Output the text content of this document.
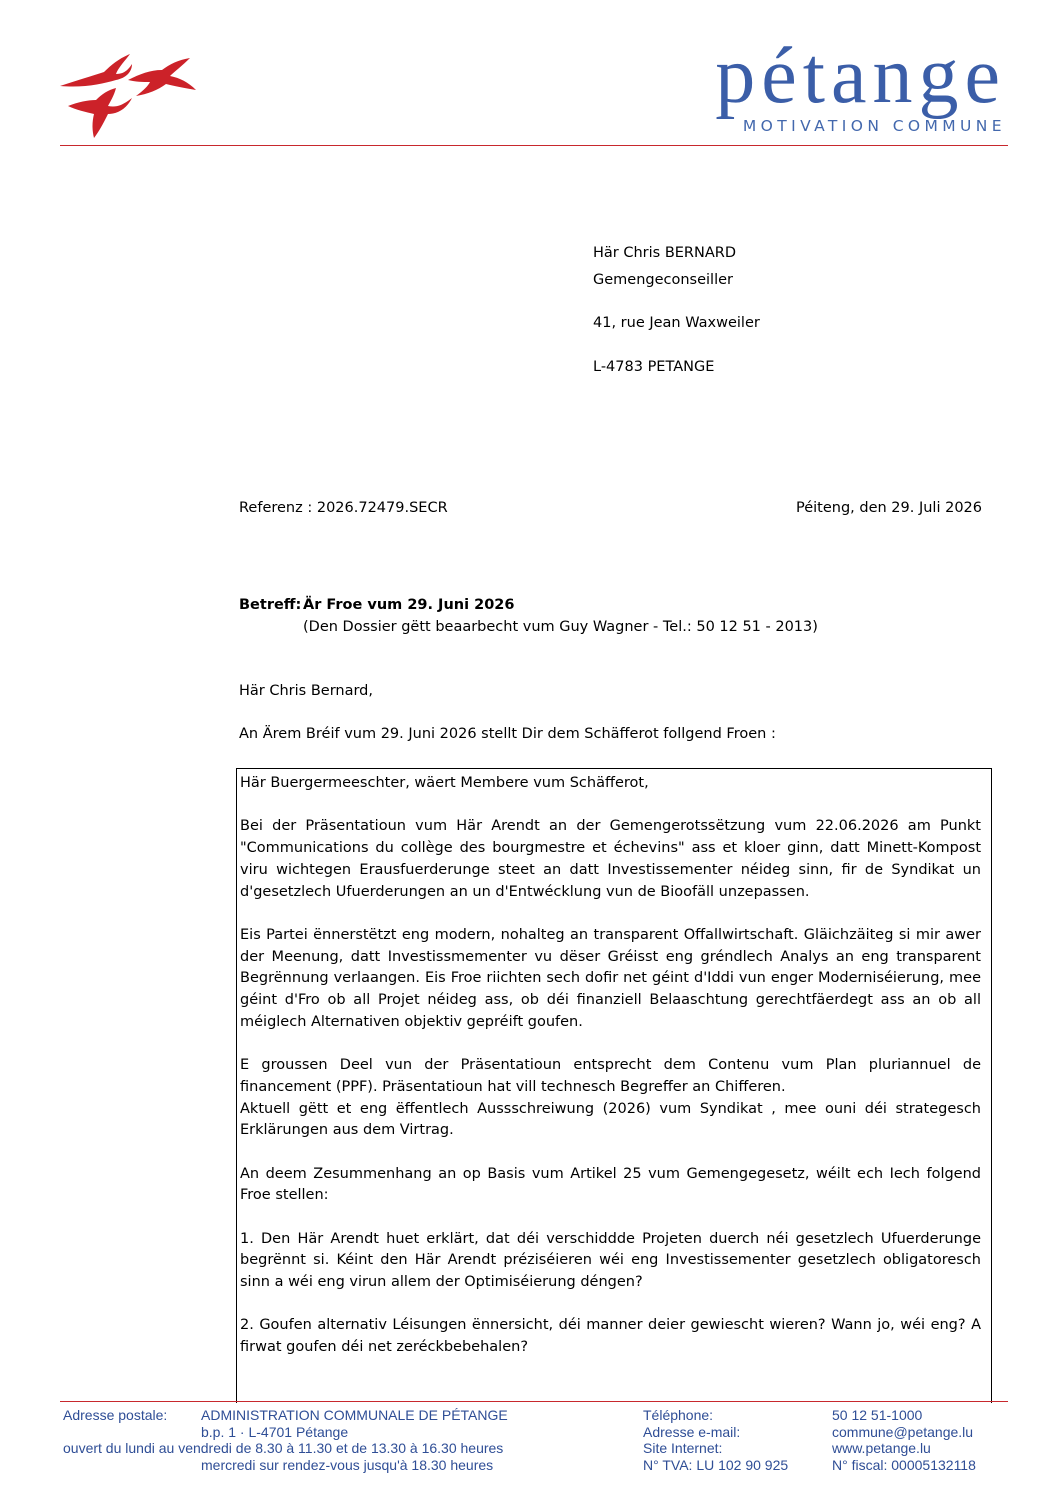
pétange
MOTIVATION COMMUNE
Här Chris BERNARD
Gemengeconseiller
41, rue Jean Waxweiler
L-4783 PETANGE
Referenz : 2026.72479.SECR	Péiteng, den 29. Juli 2026
Betreff: Är Froe vum 29. Juni 2026
(Den Dossier gëtt beaarbecht vum Guy Wagner - Tel.: 50 12 51 - 2013)
Här Chris Bernard,
An Ärem Bréif vum 29. Juni 2026 stellt Dir dem Schäfferot follgend Froen :

Här Buergermeeschter, wäert Membere vum Schäfferot,

Bei der Präsentatioun vum Här Arendt an der Gemengerotssëtzung vum 22.06.2026 am Punkt "Communications du collège des bourgmestre et échevins" ass et kloer ginn, datt Minett-Kompost viru wichtegen Erausfuerderunge steet an datt Investissementer néideg sinn, fir de Syndikat un d'gesetzlech Ufuerderungen an un d'Entwécklung vun de Bioofäll unzepassen.

Eis Partei ënnerstëtzt eng modern, nohalteg an transparent Offallwirtschaft. Gläichzäiteg si mir awer der Meenung, datt Investissmementer vu dëser Gréisst eng gréndlech Analys an eng transparent Begrënnung verlaangen. Eis Froe riichten sech dofir net géint d'Iddi vun enger Moderniséierung, mee géint d'Fro ob all Projet néideg ass, ob déi finanziell Belaaschtung gerechtfäerdegt ass an ob all méiglech Alternativen objektiv gepréift goufen.

E groussen Deel vun der Präsentatioun entsprecht dem Contenu vum Plan pluriannuel de financement (PPF). Präsentatioun hat vill technesch Begreffer an Chifferen.

Aktuell gëtt et eng ëffentlech Aussschreiwung (2026) vum Syndikat , mee ouni déi strategesch Erklärungen aus dem Virtrag.

An deem Zesummenhang an op Basis vum Artikel 25 vum Gemengegesetz, wéilt ech Iech folgend Froe stellen:

1. Den Här Arendt huet erklärt, dat déi verschiddde Projeten duerch néi gesetzlech Ufuerderunge begrënnt si. Kéint den Här Arendt préziséieren wéi eng Investissementer gesetzlech obligatoresch sinn a wéi eng virun allem der Optimiséierung déngen?

2. Goufen alternativ Léisungen ënnersicht, déi manner deier gewiescht wieren? Wann jo, wéi eng? A firwat goufen déi net zeréckbebehalen?

Adresse postale: ADMINISTRATION COMMUNALE DE PÉTANGE
b.p. 1 · L-4701 Pétange
ouvert du lundi au vendredi de 8.30 à 11.30 et de 13.30 à 16.30 heures
mercredi sur rendez-vous jusqu'à 18.30 heures
Téléphone:
Adresse e-mail:
Site Internet:
N° TVA: LU 102 90 925
50 12 51-1000
commune@petange.lu
www.petange.lu
N° fiscal: 00005132118
